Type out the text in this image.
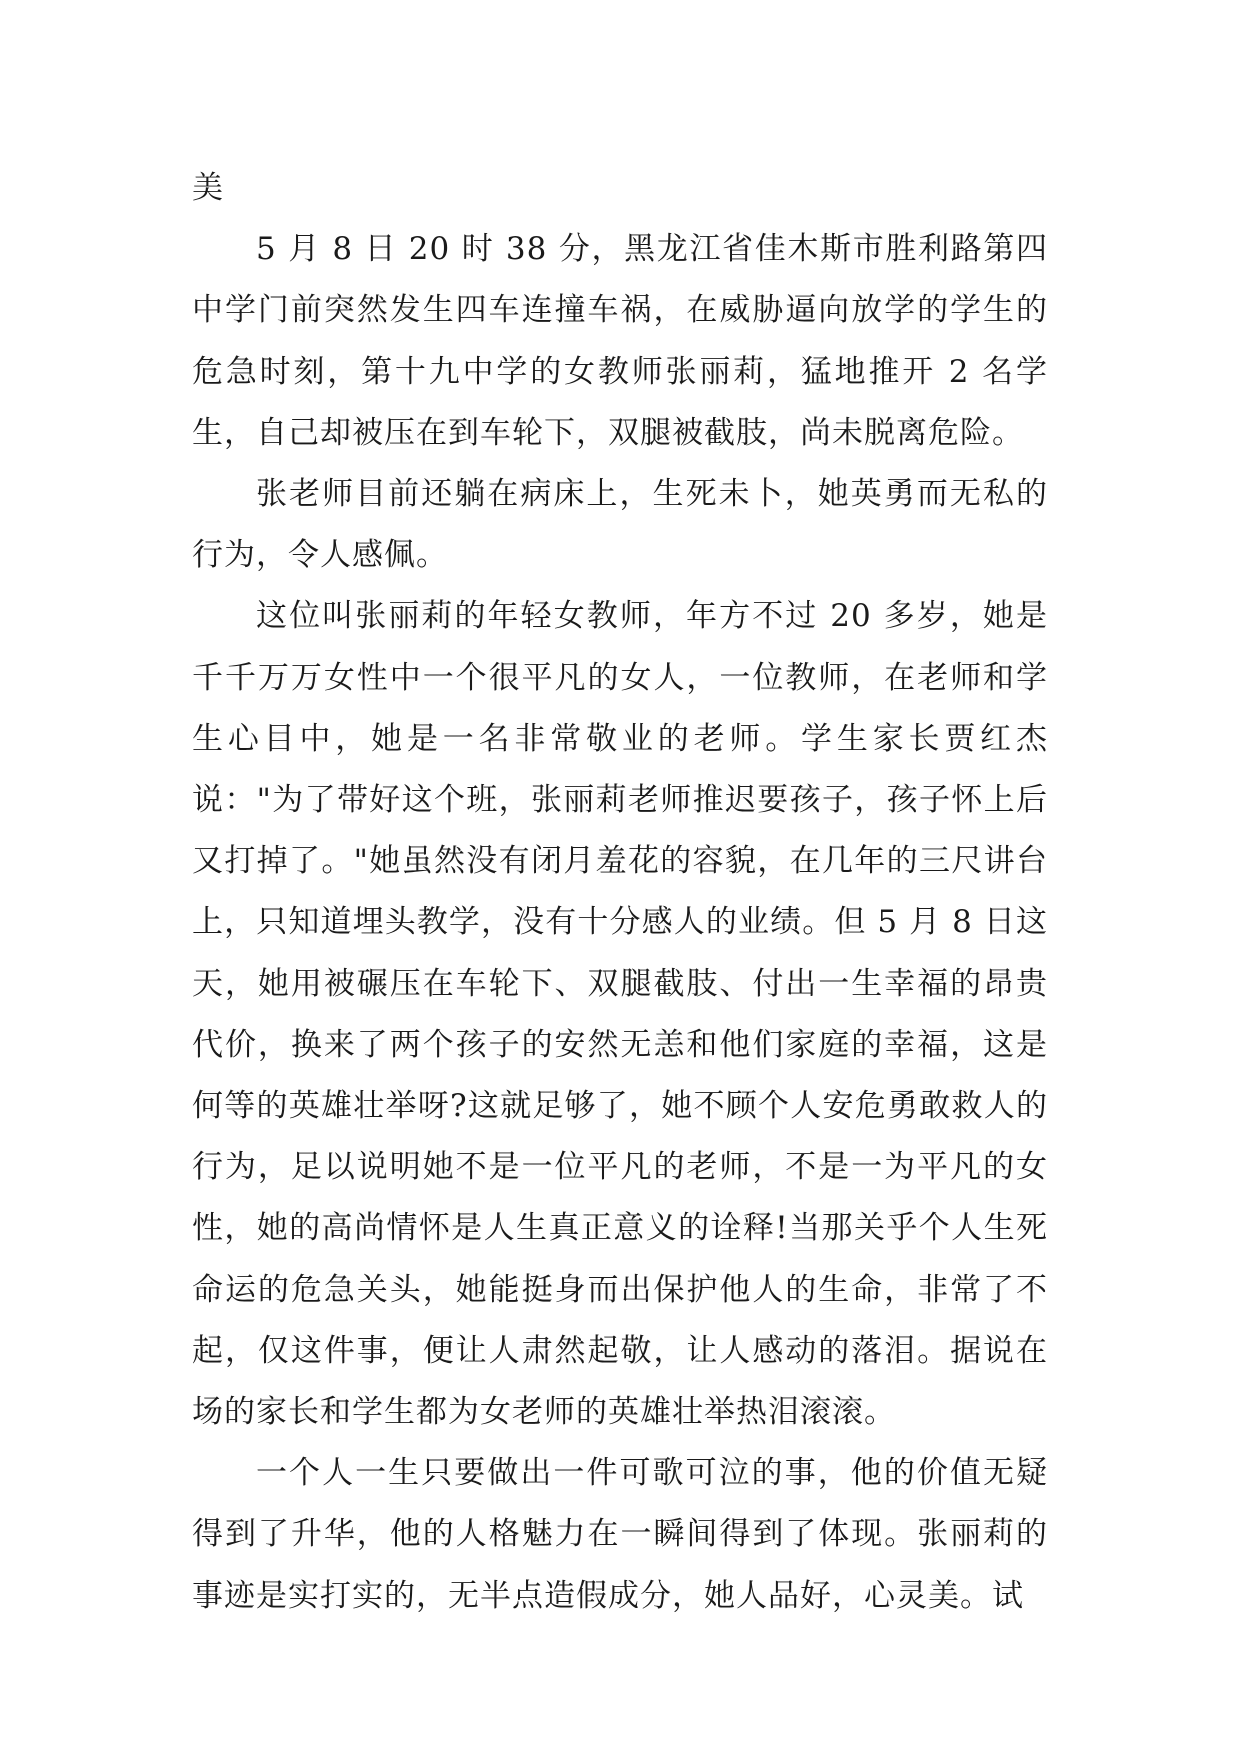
美

5 月 8 日 20 时 38 分，黑龙江省佳木斯市胜利路第四中学门前突然发生四车连撞车祸，在威胁逼向放学的学生的危急时刻，第十九中学的女教师张丽莉，猛地推开 2 名学生，自己却被压在到车轮下，双腿被截肢，尚未脱离危险。

张老师目前还躺在病床上，生死未卜，她英勇而无私的行为，令人感佩。

这位叫张丽莉的年轻女教师，年方不过 20 多岁，她是千千万万女性中一个很平凡的女人，一位教师，在老师和学生心目中，她是一名非常敬业的老师。学生家长贾红杰说："为了带好这个班，张丽莉老师推迟要孩子，孩子怀上后又打掉了。"她虽然没有闭月羞花的容貌，在几年的三尺讲台上，只知道埋头教学，没有十分感人的业绩。但 5 月 8 日这天，她用被碾压在车轮下、双腿截肢、付出一生幸福的昂贵代价，换来了两个孩子的安然无恙和他们家庭的幸福，这是何等的英雄壮举呀?这就足够了，她不顾个人安危勇敢救人的行为，足以说明她不是一位平凡的老师，不是一为平凡的女性，她的高尚情怀是人生真正意义的诠释!当那关乎个人生死命运的危急关头，她能挺身而出保护他人的生命，非常了不起，仅这件事，便让人肃然起敬，让人感动的落泪。据说在场的家长和学生都为女老师的英雄壮举热泪滚滚。

一个人一生只要做出一件可歌可泣的事，他的价值无疑得到了升华，他的人格魅力在一瞬间得到了体现。张丽莉的事迹是实打实的，无半点造假成分，她人品好，心灵美。试
